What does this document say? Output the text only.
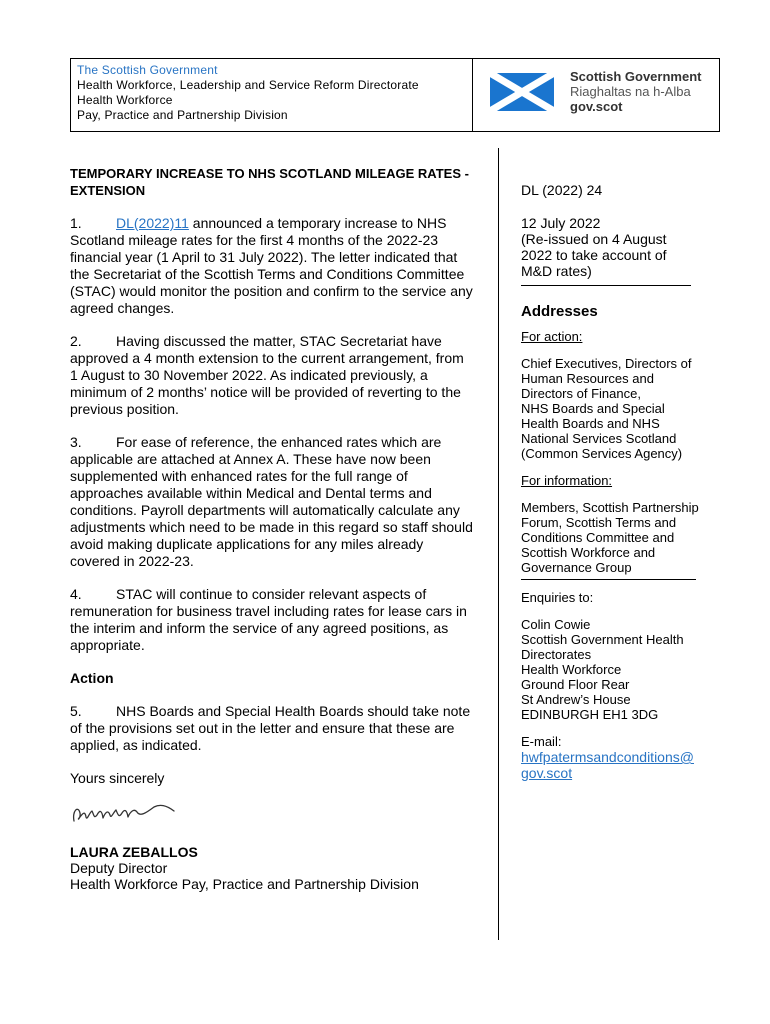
The Scottish Government
Health Workforce, Leadership and Service Reform Directorate
Health Workforce
Pay, Practice and Partnership Division
Scottish Government
Riaghaltas na h-Alba
gov.scot
TEMPORARY INCREASE TO NHS SCOTLAND MILEAGE RATES - EXTENSION

1. DL(2022)11 announced a temporary increase to NHS Scotland mileage rates for the first 4 months of the 2022-23 financial year (1 April to 31 July 2022). The letter indicated that the Secretariat of the Scottish Terms and Conditions Committee (STAC) would monitor the position and confirm to the service any agreed changes.

2. Having discussed the matter, STAC Secretariat have approved a 4 month extension to the current arrangement, from 1 August to 30 November 2022. As indicated previously, a minimum of 2 months’ notice will be provided of reverting to the previous position.

3. For ease of reference, the enhanced rates which are applicable are attached at Annex A. These have now been supplemented with enhanced rates for the full range of approaches available within Medical and Dental terms and conditions. Payroll departments will automatically calculate any adjustments which need to be made in this regard so staff should avoid making duplicate applications for any miles already covered in 2022-23.

4. STAC will continue to consider relevant aspects of remuneration for business travel including rates for lease cars in the interim and inform the service of any agreed positions, as appropriate.

Action

5. NHS Boards and Special Health Boards should take note of the provisions set out in the letter and ensure that these are applied, as indicated.

Yours sincerely
LAURA ZEBALLOS
Deputy Director
Health Workforce Pay, Practice and Partnership Division
DL (2022) 24
12 July 2022
(Re-issued on 4 August
2022 to take account of
M&D rates)
Addresses
For action:
Chief Executives, Directors of
Human Resources and
Directors of Finance,
NHS Boards and Special
Health Boards and NHS
National Services Scotland
(Common Services Agency)
For information:
Members, Scottish Partnership
Forum, Scottish Terms and
Conditions Committee and
Scottish Workforce and
Governance Group
Enquiries to:
Colin Cowie
Scottish Government Health
Directorates
Health Workforce
Ground Floor Rear
St Andrew’s House
EDINBURGH EH1 3DG
E-mail:
hwfpatermsandconditions@
gov.scot
